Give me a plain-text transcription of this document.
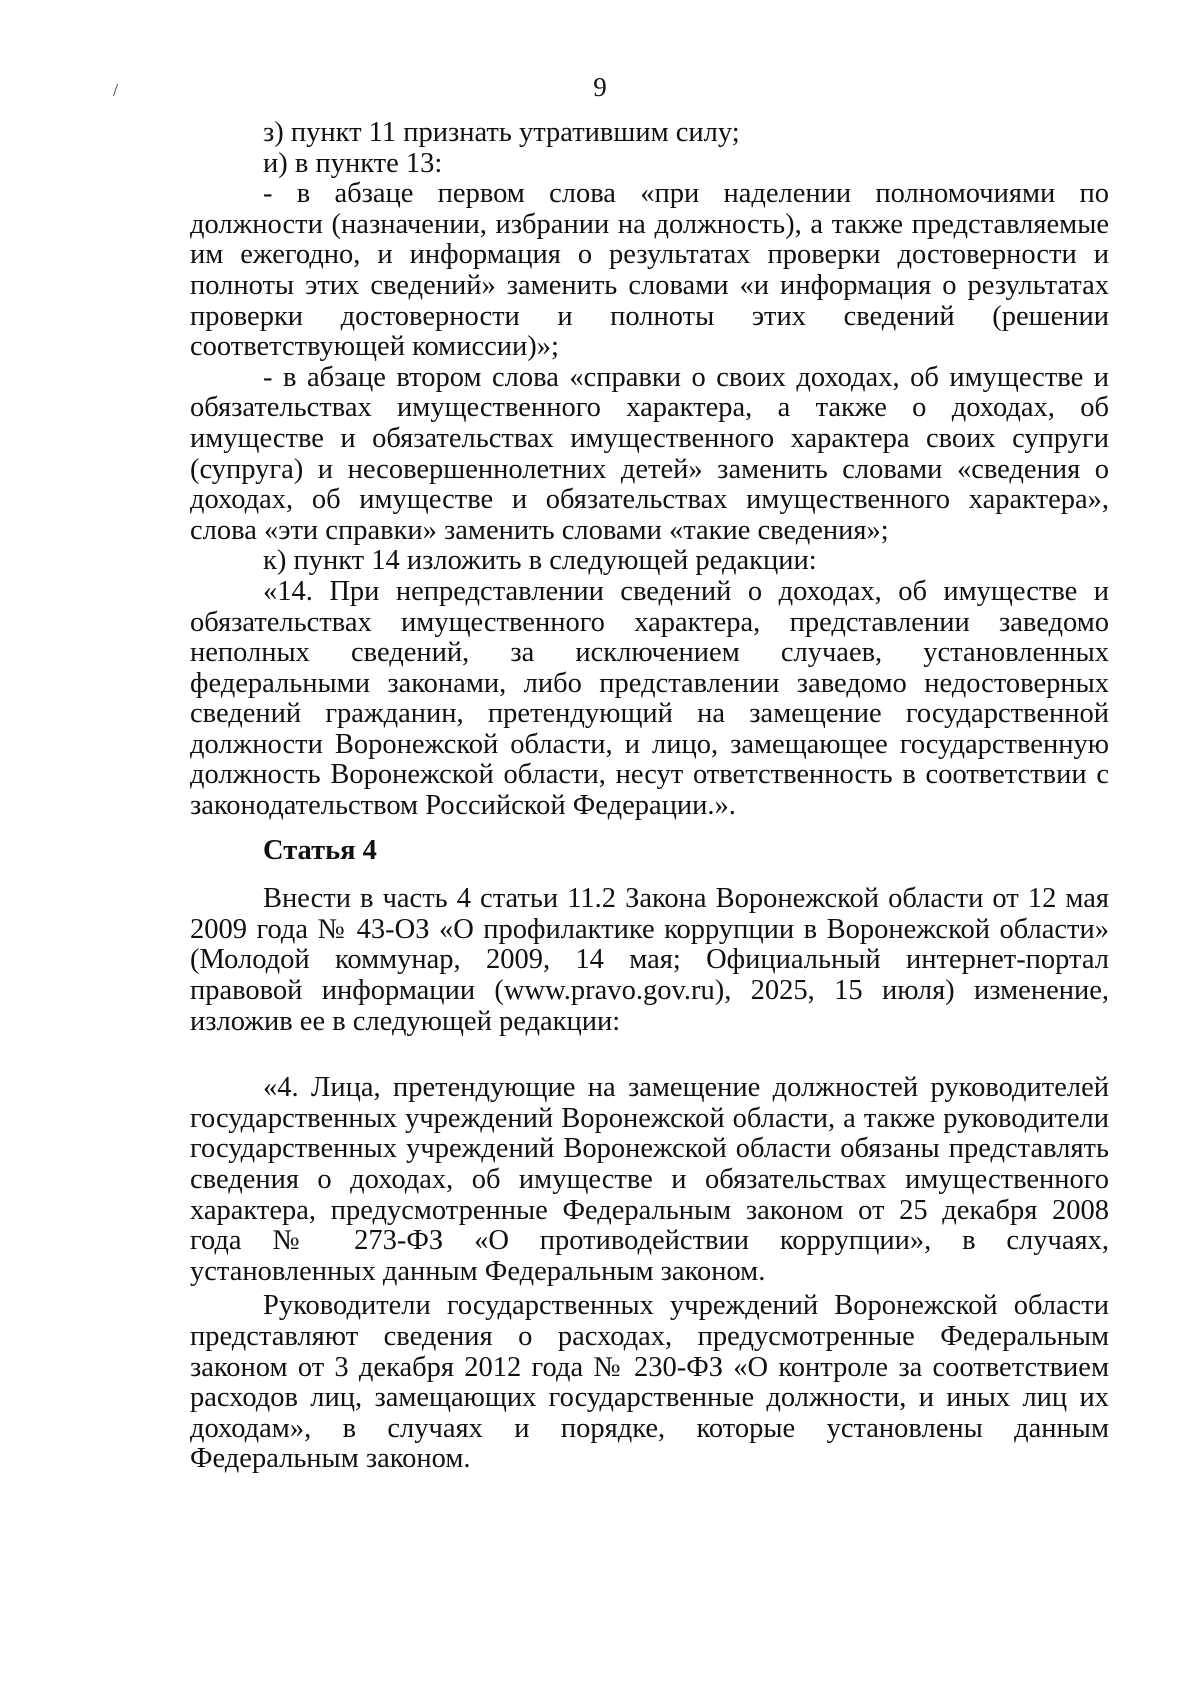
/	9

з) пункт 11 признать утратившим силу;

и) в пункте 13:

- в абзаце первом слова «при наделении полномочиями по должности (назначении, избрании на должность), а также представляемые им ежегодно, и информация о результатах проверки достоверности и полноты этих сведений» заменить словами «и информация о результатах проверки достоверности и полноты этих сведений (решении соответствующей комиссии)»;

- в абзаце втором слова «справки о своих доходах, об имуществе и обязательствах имущественного характера, а также о доходах, об имуществе и обязательствах имущественного характера своих супруги (супруга) и несовершеннолетних детей» заменить словами «сведения о доходах, об имуществе и обязательствах имущественного характера», слова «эти справки» заменить словами «такие сведения»;

к) пункт 14 изложить в следующей редакции:

«14. При непредставлении сведений о доходах, об имуществе и обязательствах имущественного характера, представлении заведомо неполных сведений, за исключением случаев, установленных федеральными законами, либо представлении заведомо недостоверных сведений гражданин, претендующий на замещение государственной должности Воронежской области, и лицо, замещающее государственную должность Воронежской области, несут ответственность в соответствии с законодательством Российской Федерации.».

Статья 4

Внести в часть 4 статьи 11.2 Закона Воронежской области от 12 мая 2009 года № 43-ОЗ «О профилактике коррупции в Воронежской области» (Молодой коммунар, 2009, 14 мая; Официальный интернет-портал правовой информации (www.pravo.gov.ru), 2025, 15 июля) изменение, изложив ее в следующей редакции:

«4. Лица, претендующие на замещение должностей руководителей государственных учреждений Воронежской области, а также руководители государственных учреждений Воронежской области обязаны представлять сведения о доходах, об имуществе и обязательствах имущественного характера, предусмотренные Федеральным законом от 25 декабря 2008 года № 273-ФЗ «О противодействии коррупции», в случаях, установленных данным Федеральным законом.

Руководители государственных учреждений Воронежской области представляют сведения о расходах, предусмотренные Федеральным законом от 3 декабря 2012 года № 230-ФЗ «О контроле за соответствием расходов лиц, замещающих государственные должности, и иных лиц их доходам», в случаях и порядке, которые установлены данным Федеральным законом.
